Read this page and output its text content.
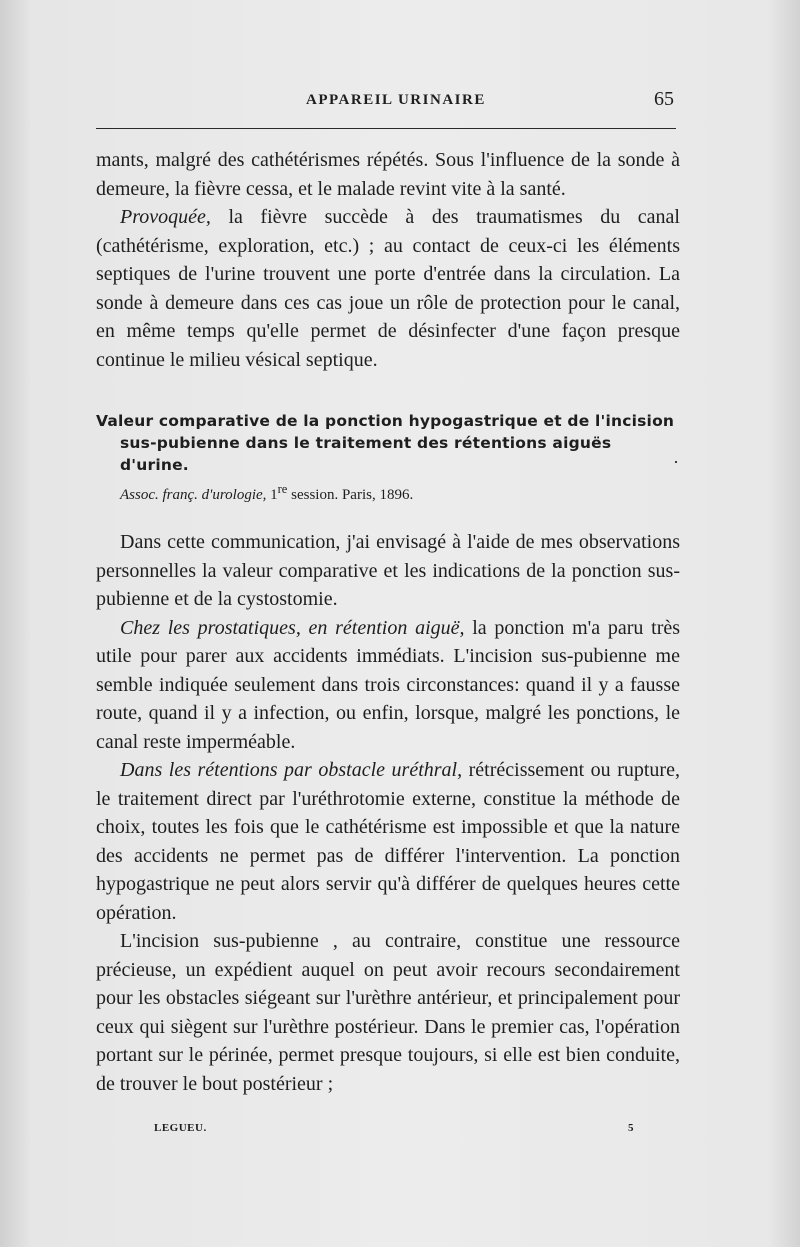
APPAREIL URINAIRE	65
·

mants, malgré des cathétérismes répétés. Sous l'influence de la sonde à demeure, la fièvre cessa, et le malade revint vite à la santé.

Provoquée, la fièvre succède à des traumatismes du canal (cathétérisme, exploration, etc.) ; au contact de ceux-ci les éléments septiques de l'urine trouvent une porte d'entrée dans la circulation. La sonde à demeure dans ces cas joue un rôle de protection pour le canal, en même temps qu'elle permet de désinfecter d'une façon presque continue le milieu vésical septique.

Valeur comparative de la ponction hypogastrique et de l'incision
sus-pubienne dans le traitement des rétentions aiguës d'urine.

Assoc. franç. d'urologie, 1re session. Paris, 1896.

Dans cette communication, j'ai envisagé à l'aide de mes observations personnelles la valeur comparative et les indications de la ponction sus-pubienne et de la cystostomie.

Chez les prostatiques, en rétention aiguë, la ponction m'a paru très utile pour parer aux accidents immédiats. L'incision sus-pubienne me semble indiquée seulement dans trois circonstances: quand il y a fausse route, quand il y a infection, ou enfin, lorsque, malgré les ponctions, le canal reste imperméable.

Dans les rétentions par obstacle uréthral, rétrécissement ou rupture, le traitement direct par l'uréthrotomie externe, constitue la méthode de choix, toutes les fois que le cathétérisme est impossible et que la nature des accidents ne permet pas de différer l'intervention. La ponction hypogastrique ne peut alors servir qu'à différer de quelques heures cette opération.

L'incision sus-pubienne , au contraire, constitue une ressource précieuse, un expédient auquel on peut avoir recours secondairement pour les obstacles siégeant sur l'urèthre antérieur, et principalement pour ceux qui siègent sur l'urèthre postérieur. Dans le premier cas, l'opération portant sur le périnée, permet presque toujours, si elle est bien conduite, de trouver le bout postérieur ;

LEGUEU.	5
